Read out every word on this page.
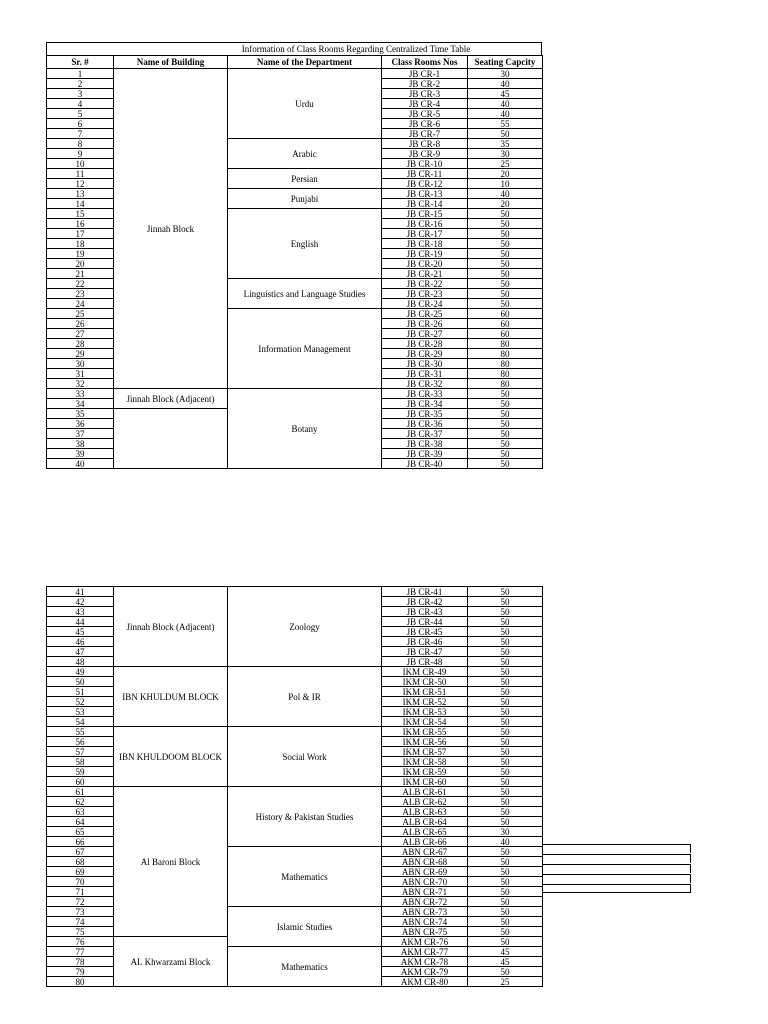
Information of Class Rooms Regarding Centralized Time Table
Sr. #	Name of Building	Name of the Department	Class Rooms Nos	Seating Capcity
1	Jinnah Block	Urdu	JB CR-1	30
2			JB CR-2	40
3			JB CR-3	45
4			JB CR-4	40
5			JB CR-5	40
6			JB CR-6	55
7			JB CR-7	50
8		Arabic	JB CR-8	35
9			JB CR-9	30
10			JB CR-10	25
11		Persian	JB CR-11	20
12			JB CR-12	10
13		Punjabi	JB CR-13	40
14			JB CR-14	20
15		English	JB CR-15	50
16			JB CR-16	50
17			JB CR-17	50
18			JB CR-18	50
19			JB CR-19	50
20			JB CR-20	50
21			JB CR-21	50
22		Linguistics and Language Studies	JB CR-22	50
23			JB CR-23	50
24			JB CR-24	50
25		Information Management	JB CR-25	60
26			JB CR-26	60
27			JB CR-27	60
28			JB CR-28	80
29			JB CR-29	80
30			JB CR-30	80
31			JB CR-31	80
32			JB CR-32	80
33	Jinnah Block (Adjacent)	Botany	JB CR-33	50
34			JB CR-34	50
35			JB CR-35	50
36			JB CR-36	50
37			JB CR-37	50
38			JB CR-38	50
39			JB CR-39	50
40			JB CR-40	50
41	Jinnah Block (Adjacent)	Zoology	JB CR-41	50
42			JB CR-42	50
43			JB CR-43	50
44			JB CR-44	50
45			JB CR-45	50
46			JB CR-46	50
47			JB CR-47	50
48			JB CR-48	50
49	IBN KHULDUM BLOCK	Pol & IR	IKM CR-49	50
50			IKM CR-50	50
51			IKM CR-51	50
52			IKM CR-52	50
53			IKM CR-53	50
54			IKM CR-54	50
55	IBN KHULDOOM BLOCK	Social Work	IKM CR-55	50
56			IKM CR-56	50
57			IKM CR-57	50
58			IKM CR-58	50
59			IKM CR-59	50
60			IKM CR-60	50
61	Al Baroni Block	History & Pakistan Studies	ALB CR-61	50
62			ALB CR-62	50
63			ALB CR-63	50
64			ALB CR-64	50
65			ALB CR-65	30
66			ALB CR-66	40
67		Mathematics	ABN CR-67	50
68			ABN CR-68	50
69			ABN CR-69	50
70			ABN CR-70	50
71			ABN CR-71	50
72			ABN CR-72	50
73		Islamic Studies	ABN CR-73	50
74			ABN CR-74	50
75			ABN CR-75	50
76	AL Khwarzami Block		AKM CR-76	50
77		Mathematics	AKM CR-77	45
78			AKM CR-78	45
79			AKM CR-79	50
80			AKM CR-80	25
